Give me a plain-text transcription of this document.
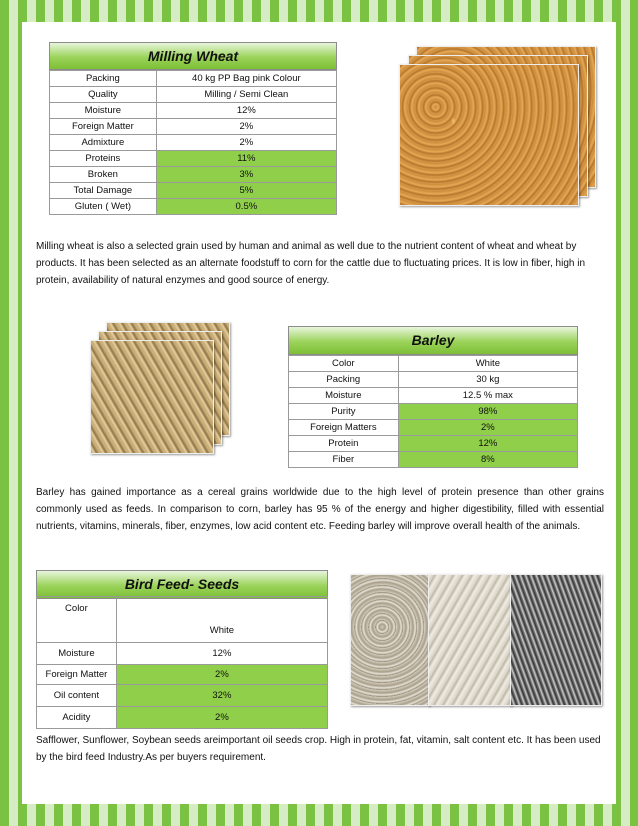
Milling Wheat
Packing	40 kg PP Bag pink Colour
Quality	Milling / Semi Clean
Moisture	12%
Foreign Matter	2%
Admixture	2%
Proteins	11%
Broken	3%
Total Damage	5%
Gluten ( Wet)	0.5%
Milling wheat is also a selected grain used by human and animal as well due to the nutrient content of wheat and wheat by products. It has been selected as an alternate foodstuff to corn for the cattle due to fluctuating prices. It is low in fiber, high in protein, availability of natural enzymes and good source of energy.
Barley
Color	White
Packing	30 kg
Moisture	12.5 % max
Purity	98%
Foreign Matters	2%
Protein	12%
Fiber	8%
Barley has gained importance as a cereal grains worldwide due to the high level of protein presence than other grains commonly used as feeds. In comparison to corn, barley has 95 % of the energy and higher digestibility, filled with essential nutrients, vitamins, minerals, fiber, enzymes, low acid content etc. Feeding barley will improve overall health of the animals.
Bird Feed- Seeds
Color	White
Moisture	12%
Foreign Matter	2%
Oil content	32%
Acidity	2%
Safflower, Sunflower, Soybean seeds areimportant oil seeds crop. High in protein, fat, vitamin, salt content etc. It has been used by the bird feed Industry.As per buyers requirement.
